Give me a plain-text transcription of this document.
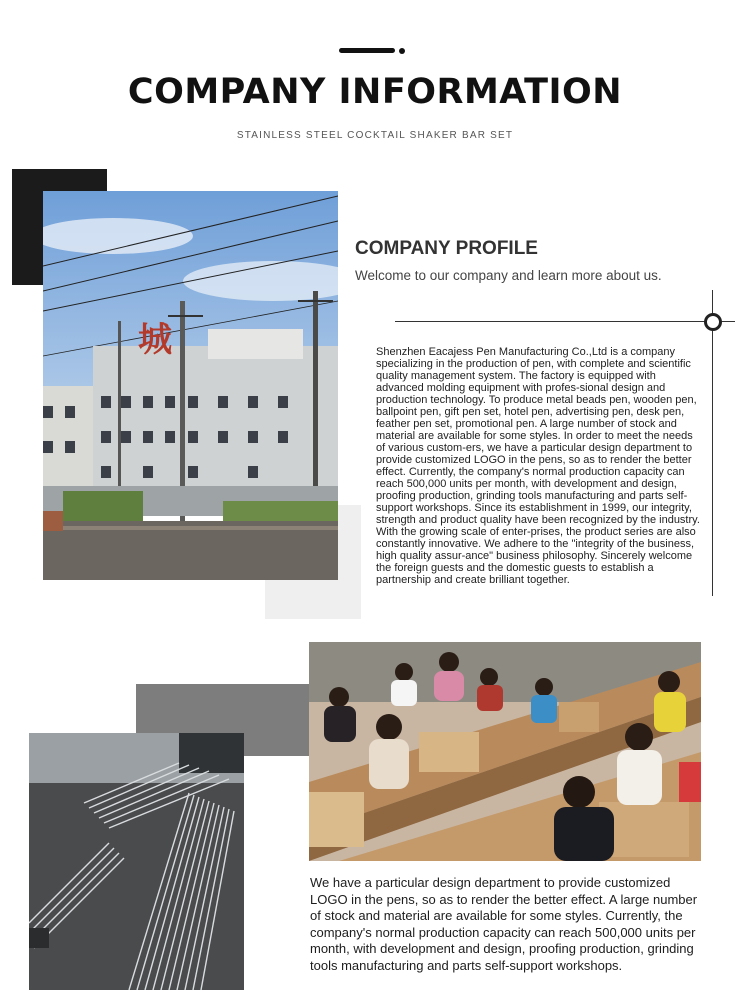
COMPANY INFORMATION
STAINLESS STEEL COCKTAIL SHAKER BAR SET
城
COMPANY PROFILE
Welcome to our company and learn more about us.
Shenzhen Eacajess Pen Manufacturing Co.,Ltd is a company specializing in the production of pen, with complete and scientific quality management system. The factory is equipped with advanced molding equipment with profes-sional design and production technology. To produce metal beads pen, wooden pen, ballpoint pen, gift pen set, hotel pen, advertising pen, desk pen, feather pen set, promotional pen. A large number of stock and material are available for some styles. In order to meet the needs of various custom-ers, we have a particular design department to provide customized LOGO in the pens, so as to render the better effect. Currently, the company's normal production capacity can reach 500,000 units per month, with development and design, proofing production, grinding tools manufacturing and parts self-support workshops. Since its establishment in 1999, our integrity, strength and product quality have been recognized by the industry. With the growing scale of enter-prises, the product series are also constantly innovative. We adhere to the "integrity of the business, high quality assur-ance" business philosophy. Sincerely welcome the foreign guests and the domestic guests to establish a partnership and create brilliant together.
We have a particular design department to provide customized LOGO in the pens, so as to render the better effect. A large number of stock and material are available for some styles. Currently, the company's normal production capacity can reach 500,000 units per month, with development and design, proofing production, grinding tools manufacturing and parts self-support workshops.
